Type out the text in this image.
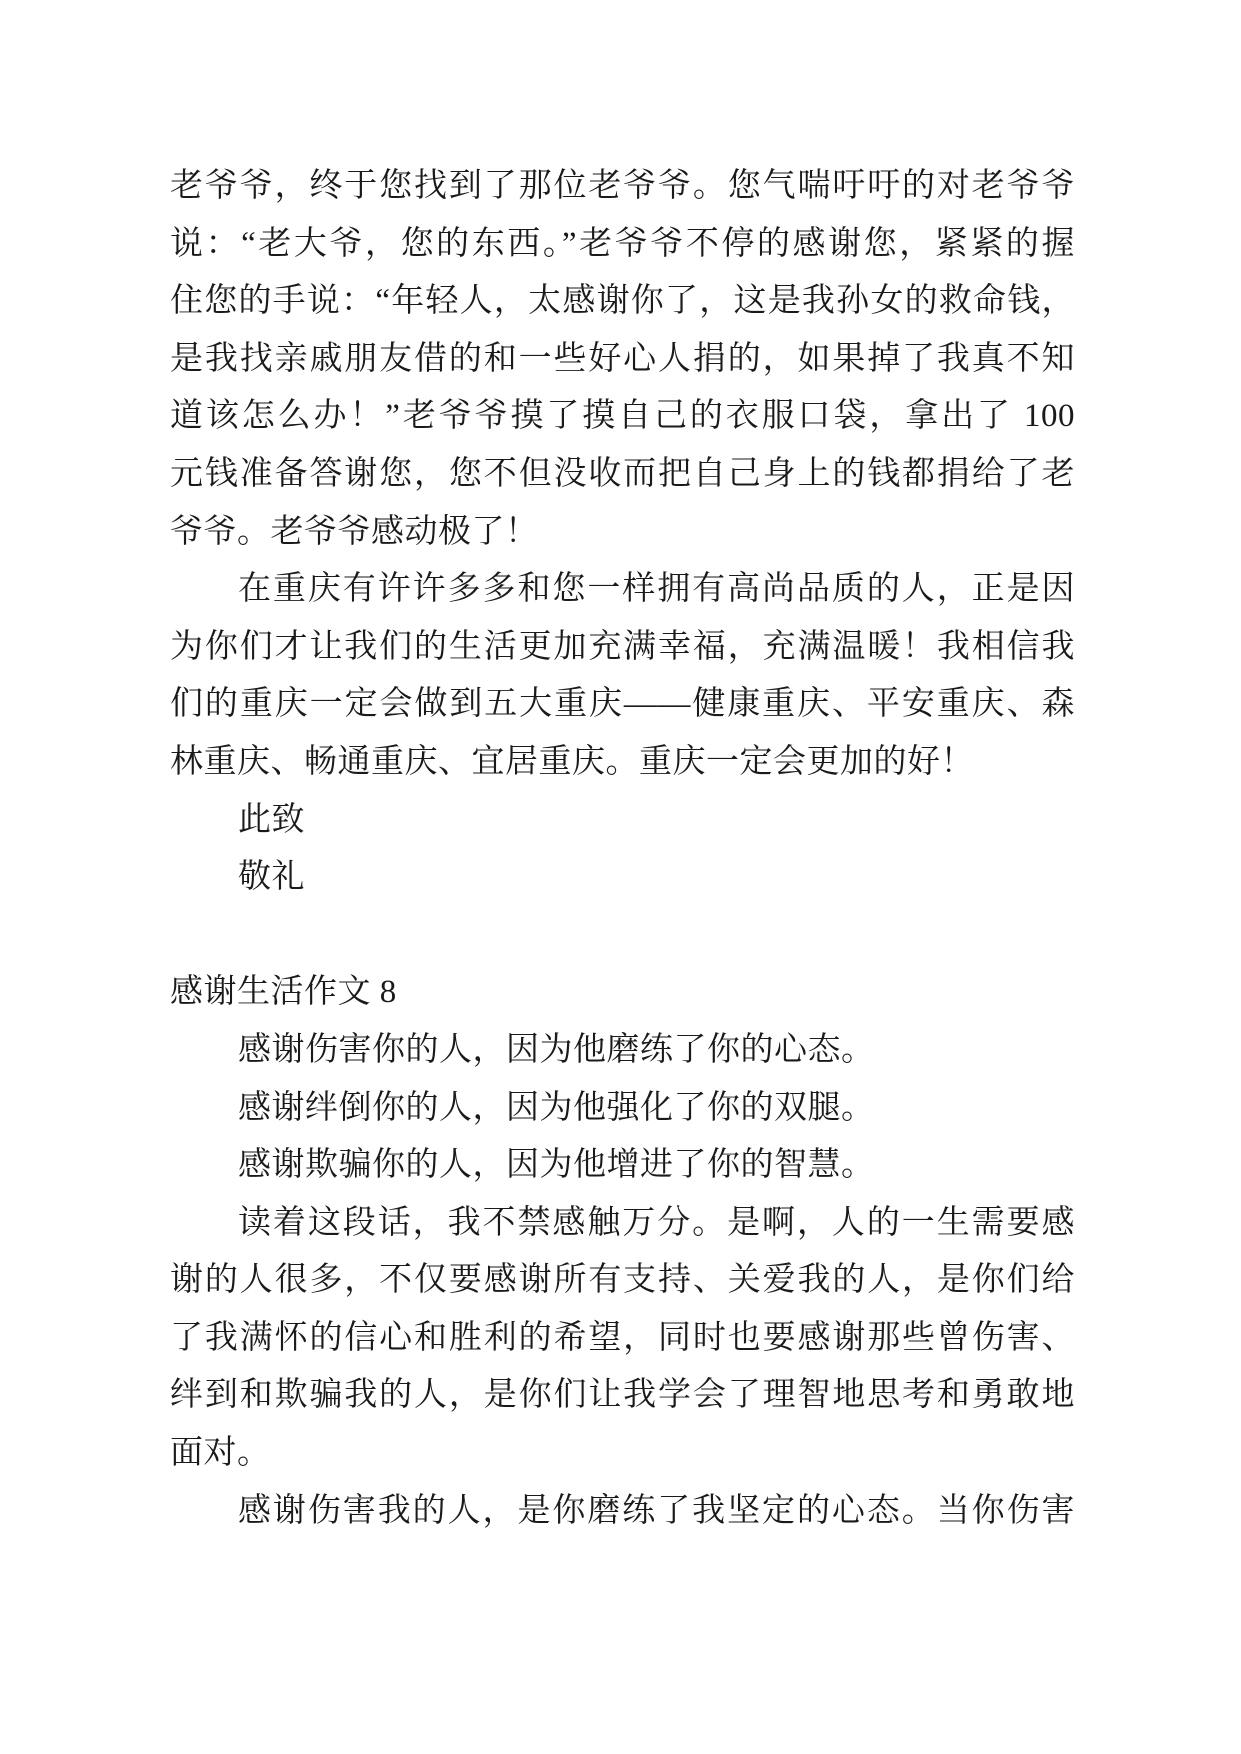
老爷爷，终于您找到了那位老爷爷。您气喘吁吁的对老爷爷
说：“老大爷，您的东西。”老爷爷不停的感谢您，紧紧的握
住您的手说：“年轻人，太感谢你了，这是我孙女的救命钱，
是我找亲戚朋友借的和一些好心人捐的，如果掉了我真不知
道该怎么办！”老爷爷摸了摸自己的衣服口袋，拿出了 100
元钱准备答谢您，您不但没收而把自己身上的钱都捐给了老
爷爷。老爷爷感动极了！
在重庆有许许多多和您一样拥有高尚品质的人，正是因
为你们才让我们的生活更加充满幸福，充满温暖！我相信我
们的重庆一定会做到五大重庆——健康重庆、平安重庆、森
林重庆、畅通重庆、宜居重庆。重庆一定会更加的好！
此致
敬礼
感谢生活作文 8
感谢伤害你的人，因为他磨练了你的心态。
感谢绊倒你的人，因为他强化了你的双腿。
感谢欺骗你的人，因为他增进了你的智慧。
读着这段话，我不禁感触万分。是啊，人的一生需要感
谢的人很多，不仅要感谢所有支持、关爱我的人，是你们给
了我满怀的信心和胜利的希望，同时也要感谢那些曾伤害、
绊到和欺骗我的人，是你们让我学会了理智地思考和勇敢地
面对。
感谢伤害我的人，是你磨练了我坚定的心态。当你伤害
